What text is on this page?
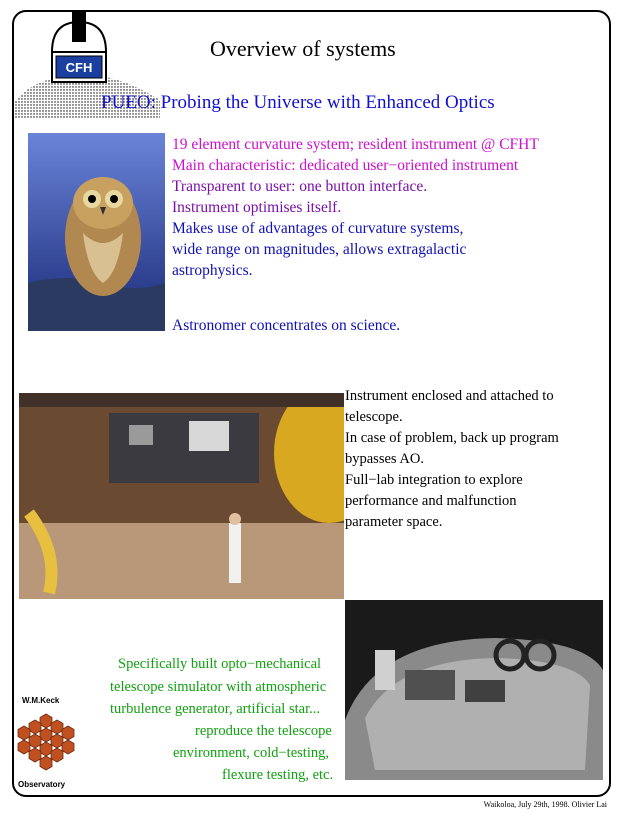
CFH
Overview of systems
PUEO: Probing the Universe with Enhanced Optics
19 element curvature system; resident instrument @ CFHT
Main characteristic: dedicated user−oriented instrument
Transparent to user: one button interface.
Instrument optimises itself.
Makes use of advantages of curvature systems,
wide range on magnitudes, allows extragalactic
astrophysics.
Astronomer concentrates on science.
Instrument enclosed and attached to
telescope.
In case of problem, back up program
bypasses AO.
Full−lab integration to explore
performance and malfunction
parameter space.
Specifically built opto−mechanical
telescope simulator with atmospheric
turbulence generator, artificial star...
reproduce the telescope
environment, cold−testing,
flexure testing, etc.
W.M.Keck
Observatory
Waikoloa, July 29th, 1998. Olivier Lai
